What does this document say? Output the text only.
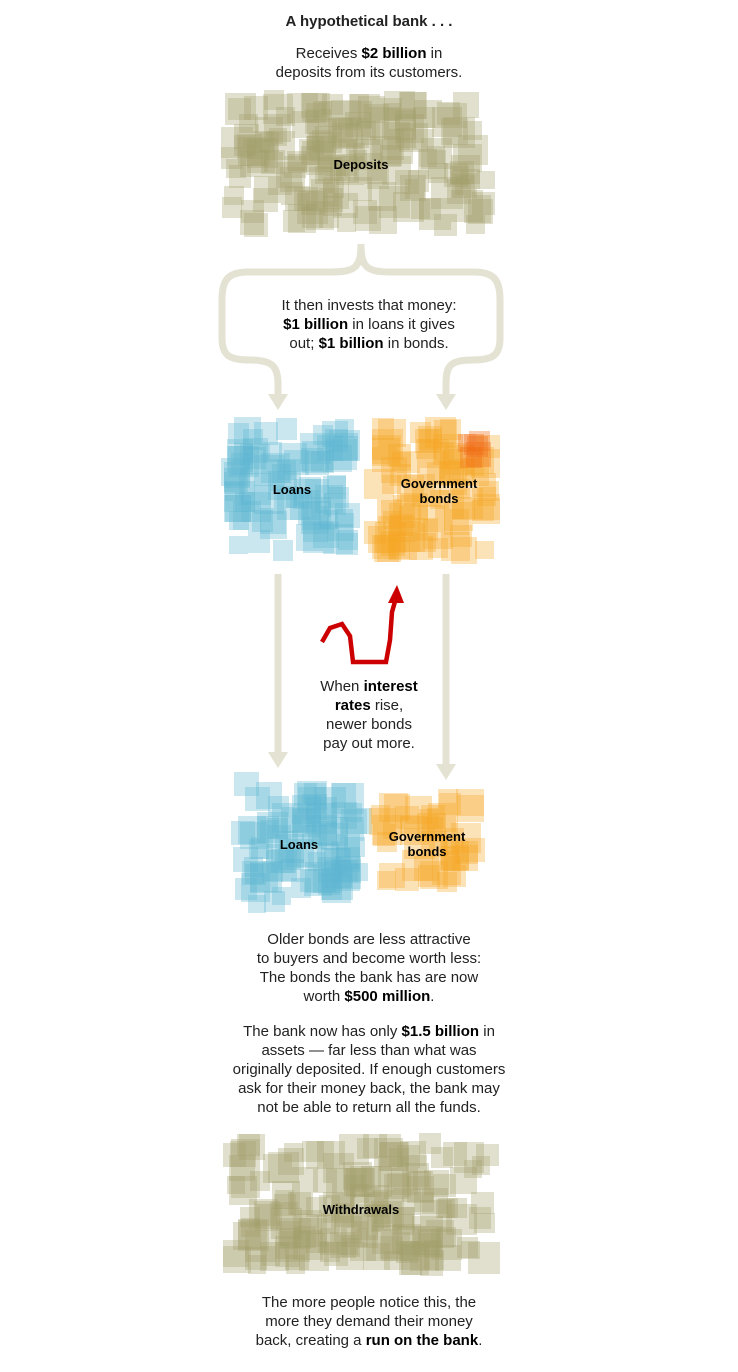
A hypothetical bank . . .
Receives $2 billion in
deposits from its customers.
Deposits
It then invests that money:
$1 billion in loans it gives
out; $1 billion in bonds.
Loans	Government
bonds
When interest
rates rise,
newer bonds
pay out more.
Loans
Government
bonds
Older bonds are less attractive
to buyers and become worth less:
The bonds the bank has are now
worth $500 million.
The bank now has only $1.5 billion in
assets — far less than what was
originally deposited. If enough customers
ask for their money back, the bank may
not be able to return all the funds.
Withdrawals
The more people notice this, the
more they demand their money
back, creating a run on the bank.
